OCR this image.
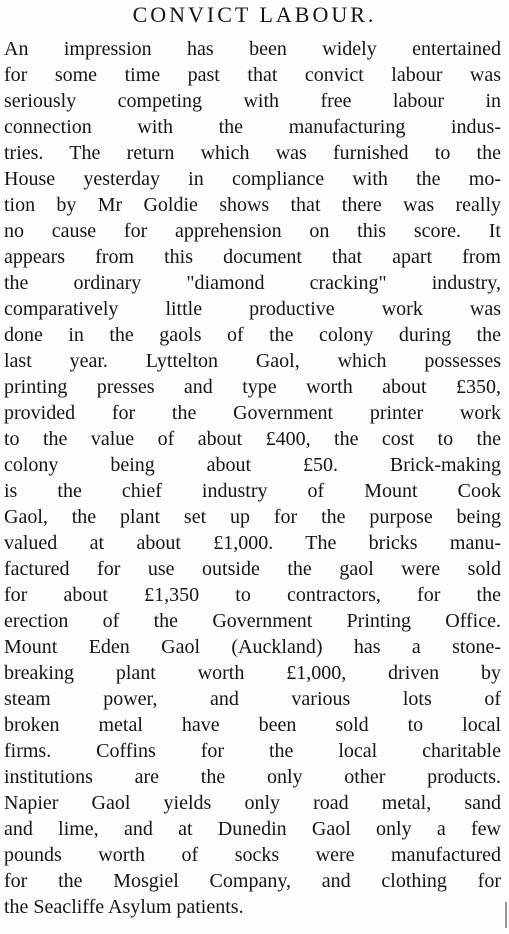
CONVICT LABOUR.
An impression has been widely entertained
for some time past that convict labour was
seriously competing with free labour in
connection with the manufacturing indus-
tries. The return which was furnished to the
House yesterday in compliance with the mo-
tion by Mr Goldie shows that there was really
no cause for apprehension on this score. It
appears from this document that apart from
the ordinary "diamond cracking" industry,
comparatively little productive work was
done in the gaols of the colony during the
last year. Lyttelton Gaol, which possesses
printing presses and type worth about £350,
provided for the Government printer work
to the value of about £400, the cost to the
colony being about £50. Brick-making
is the chief industry of Mount Cook
Gaol, the plant set up for the purpose being
valued at about £1,000. The bricks manu-
factured for use outside the gaol were sold
for about £1,350 to contractors, for the
erection of the Government Printing Office.
Mount Eden Gaol (Auckland) has a stone-
breaking plant worth £1,000, driven by
steam power, and various lots of
broken metal have been sold to local
firms. Coffins for the local charitable
institutions are the only other products.
Napier Gaol yields only road metal, sand
and lime, and at Dunedin Gaol only a few
pounds worth of socks were manufactured
for the Mosgiel Company, and clothing for
the Seacliffe Asylum patients.
